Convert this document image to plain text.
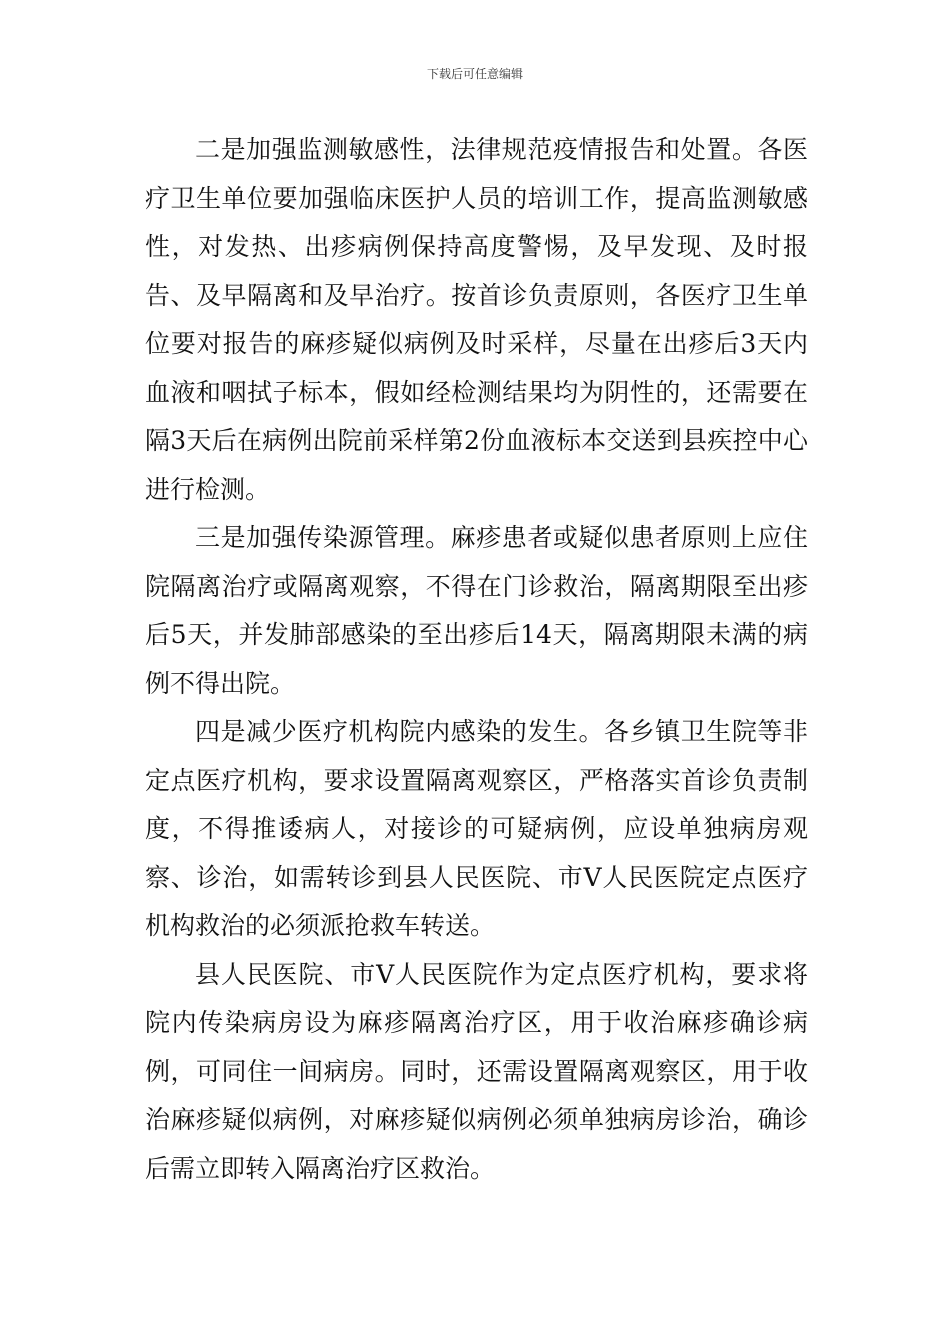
下载后可任意编辑

二是加强监测敏感性，法律规范疫情报告和处置。各医疗卫生单位要加强临床医护人员的培训工作，提高监测敏感性，对发热、出疹病例保持高度警惕，及早发现、及时报告、及早隔离和及早治疗。按首诊负责原则，各医疗卫生单位要对报告的麻疹疑似病例及时采样，尽量在出疹后3天内血液和咽拭子标本，假如经检测结果均为阴性的，还需要在隔3天后在病例出院前采样第2份血液标本交送到县疾控中心进行检测。

三是加强传染源管理。麻疹患者或疑似患者原则上应住院隔离治疗或隔离观察，不得在门诊救治，隔离期限至出疹后5天，并发肺部感染的至出疹后14天，隔离期限未满的病例不得出院。

四是减少医疗机构院内感染的发生。各乡镇卫生院等非定点医疗机构，要求设置隔离观察区，严格落实首诊负责制度，不得推诿病人，对接诊的可疑病例，应设单独病房观察、诊治，如需转诊到县人民医院、市Ⅴ人民医院定点医疗机构救治的必须派抢救车转送。

县人民医院、市Ⅴ人民医院作为定点医疗机构，要求将院内传染病房设为麻疹隔离治疗区，用于收治麻疹确诊病例，可同住一间病房。同时，还需设置隔离观察区，用于收治麻疹疑似病例，对麻疹疑似病例必须单独病房诊治，确诊后需立即转入隔离治疗区救治。
